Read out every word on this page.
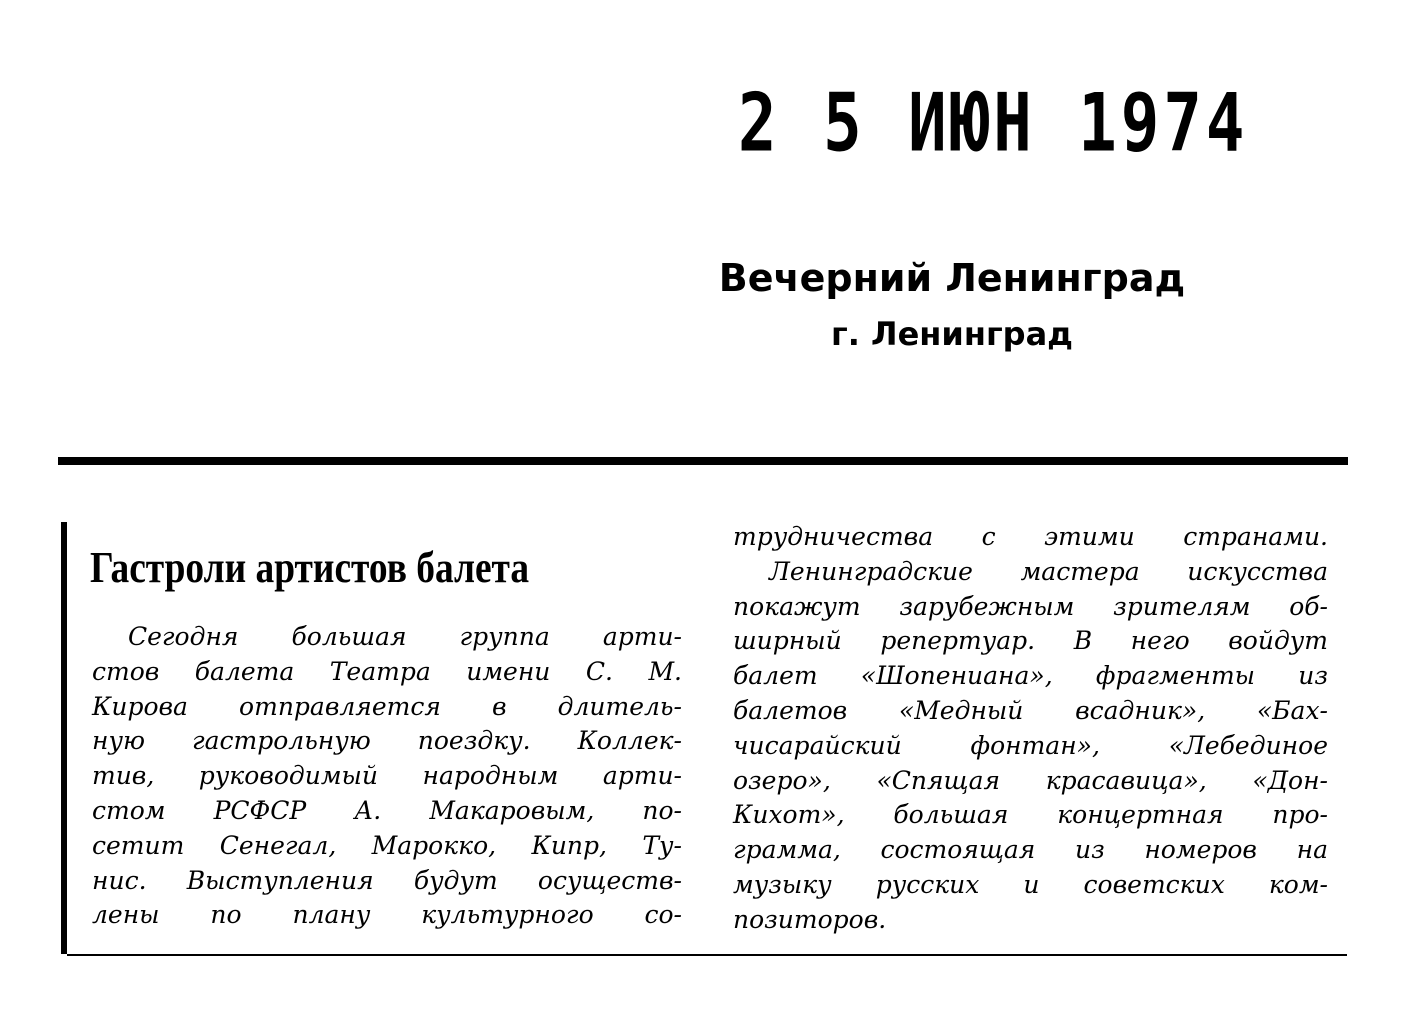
2 5 ИЮН 1974
Вечерний Ленинград
г. Ленинград
Гастроли артистов балета
Сегодня большая группа арти-
стов балета Театра имени С. М.
Кирова отправляется в длитель-
ную гастрольную поездку. Коллек-
тив, руководимый народным арти-
стом РСФСР А. Макаровым, по-
сетит Сенегал, Марокко, Кипр, Ту-
нис. Выступления будут осуществ-
лены по плану культурного со-
трудничества с этими странами.
Ленинградские мастера искусства
покажут зарубежным зрителям об-
ширный репертуар. В него войдут
балет «Шопениана», фрагменты из
балетов «Медный всадник», «Бах-
чисарайский фонтан», «Лебединое
озеро», «Спящая красавица», «Дон-
Кихот», большая концертная про-
грамма, состоящая из номеров на
музыку русских и советских ком-
позиторов.
